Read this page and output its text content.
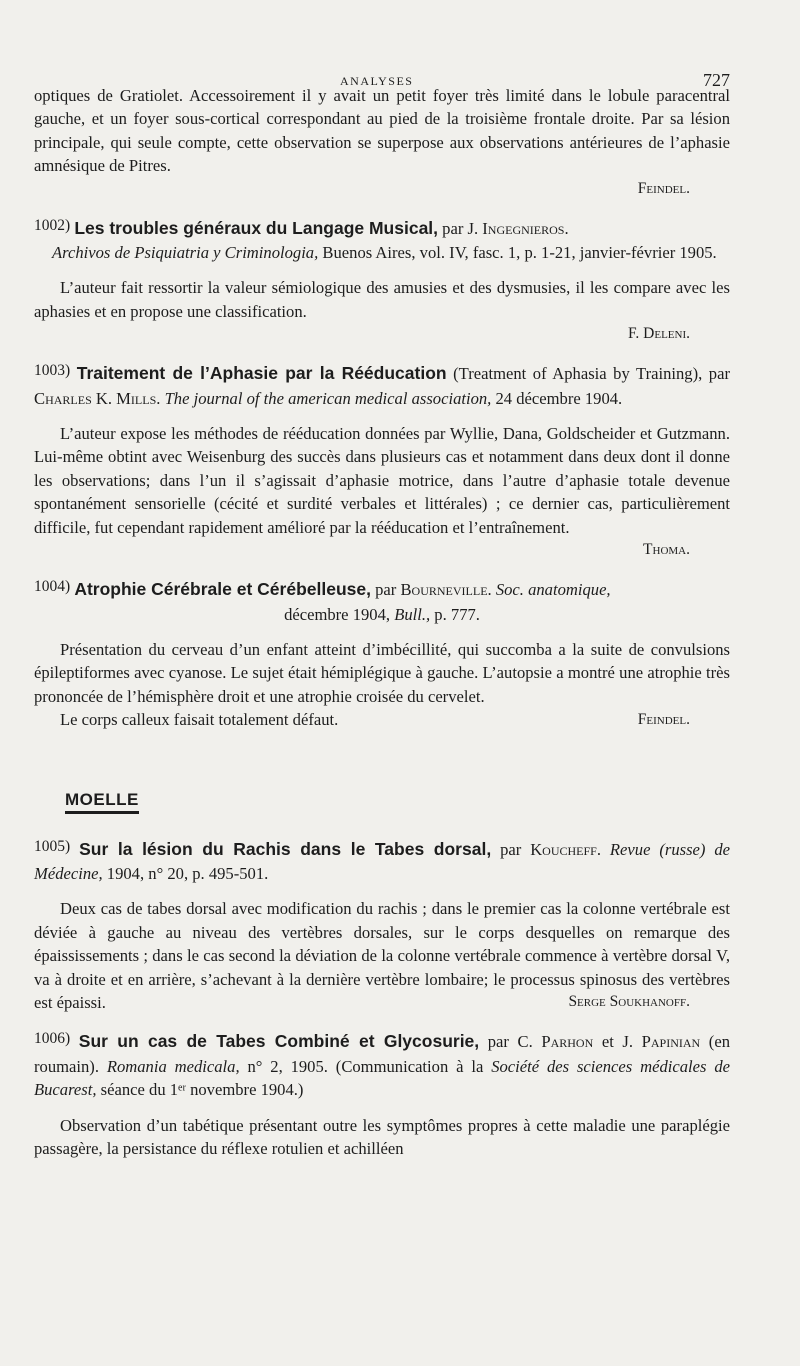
ANALYSES	727

optiques de Gratiolet. Accessoirement il y avait un petit foyer très limité dans le lobule paracentral gauche, et un foyer sous-cortical correspondant au pied de la troisième frontale droite. Par sa lésion principale, qui seule compte, cette observation se superpose aux observations antérieures de l’aphasie amnésique de Pitres.

Feindel.

1002) Les troubles généraux du Langage Musical, par J. Ingegnieros.
Archivos de Psiquiatria y Criminologia, Buenos Aires, vol. IV, fasc. 1, p. 1-21, janvier-février 1905.

L’auteur fait ressortir la valeur sémiologique des amusies et des dysmusies, il les compare avec les aphasies et en propose une classification.

F. Deleni.

1003) Traitement de l’Aphasie par la Rééducation (Treatment of Aphasia by Training), par Charles K. Mills. The journal of the american medical association, 24 décembre 1904.

L’auteur expose les méthodes de rééducation données par Wyllie, Dana, Goldscheider et Gutzmann. Lui-même obtint avec Weisenburg des succès dans plusieurs cas et notamment dans deux dont il donne les observations; dans l’un il s’agissait d’aphasie motrice, dans l’autre d’aphasie totale devenue spontanément sensorielle (cécité et surdité verbales et littérales) ; ce dernier cas, particulièrement difficile, fut cependant rapidement amélioré par la rééducation et l’entraînement.

Thoma.

1004) Atrophie Cérébrale et Cérébelleuse, par Bourneville. Soc. anatomique,
décembre 1904, Bull., p. 777.

Présentation du cerveau d’un enfant atteint d’imbécillité, qui succomba a la suite de convulsions épileptiformes avec cyanose. Le sujet était hémiplégique à gauche. L’autopsie a montré une atrophie très prononcée de l’hémisphère droit et une atrophie croisée du cervelet.

Le corps calleux faisait totalement défaut.	Feindel.

MOELLE
1005) Sur la lésion du Rachis dans le Tabes dorsal, par Koucheff. Revue (russe) de Médecine, 1904, n° 20, p. 495-501.

Deux cas de tabes dorsal avec modification du rachis ; dans le premier cas la colonne vertébrale est déviée à gauche au niveau des vertèbres dorsales, sur le corps desquelles on remarque des épaississements ; dans le cas second la déviation de la colonne vertébrale commence à vertèbre dorsal V, va à droite et en arrière, s’achevant à la dernière vertèbre lombaire; le processus spinosus des vertèbres est épaissi.	Serge Soukhanoff.

1006) Sur un cas de Tabes Combiné et Glycosurie, par C. Parhon et J. Papinian (en roumain). Romania medicala, n° 2, 1905. (Communication à la Société des sciences médicales de Bucarest, séance du 1ᵉʳ novembre 1904.)

Observation d’un tabétique présentant outre les symptômes propres à cette maladie une paraplégie passagère, la persistance du réflexe rotulien et achilléen
